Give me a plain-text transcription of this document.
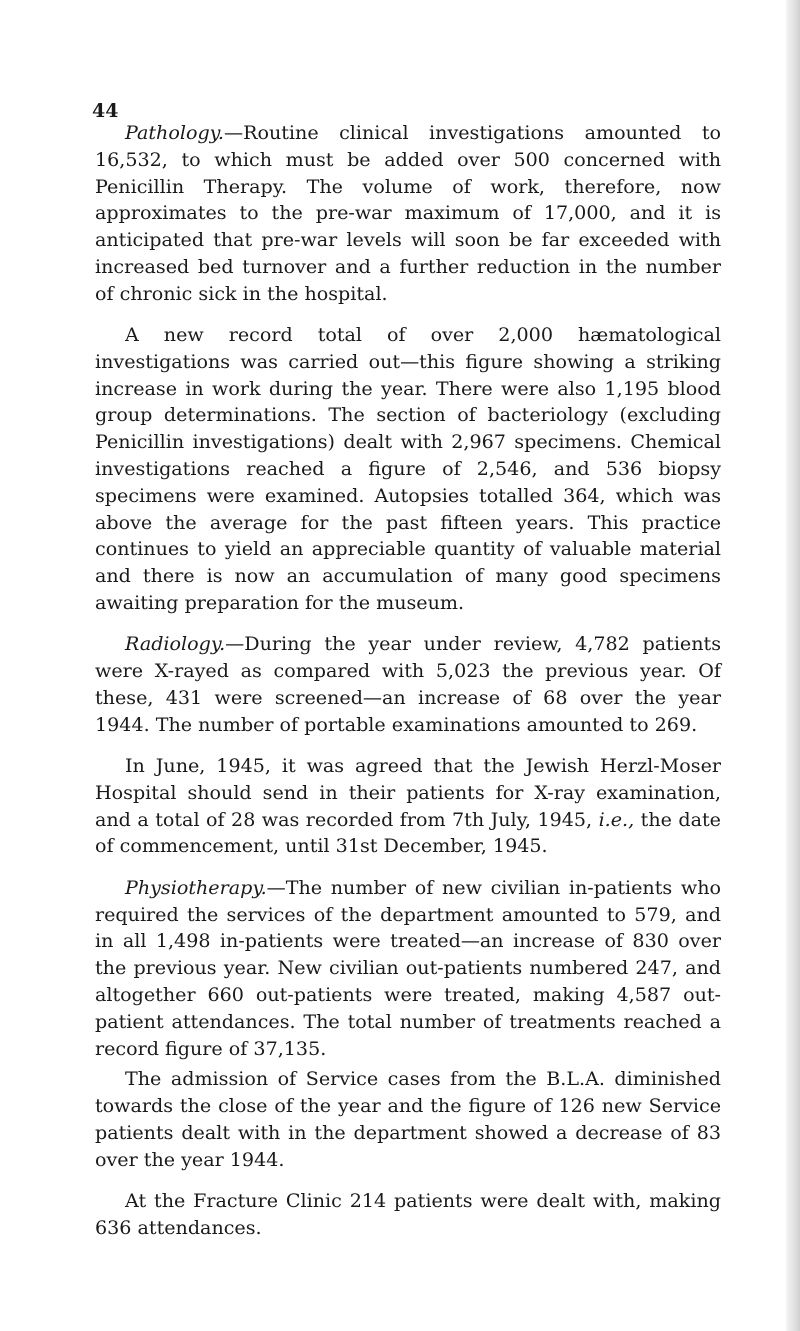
44

Pathology.—Routine clinical investigations amounted to 16,532, to which must be added over 500 concerned with Penicillin Therapy. The volume of work, therefore, now approximates to the pre-war maximum of 17,000, and it is anticipated that pre-war levels will soon be far exceeded with increased bed turnover and a further reduction in the number of chronic sick in the hospital.

A new record total of over 2,000 hæmatological investigations was carried out—this figure showing a striking increase in work during the year. There were also 1,195 blood group determinations. The section of bacteriology (excluding Penicillin investigations) dealt with 2,967 specimens. Chemical investigations reached a figure of 2,546, and 536 biopsy specimens were examined. Autopsies totalled 364, which was above the average for the past fifteen years. This practice continues to yield an appreciable quantity of valuable material and there is now an accumulation of many good specimens awaiting preparation for the museum.

Radiology.—During the year under review, 4,782 patients were X-rayed as compared with 5,023 the previous year. Of these, 431 were screened—an increase of 68 over the year 1944. The number of portable examinations amounted to 269.

In June, 1945, it was agreed that the Jewish Herzl-Moser Hospital should send in their patients for X-ray examination, and a total of 28 was recorded from 7th July, 1945, i.e., the date of commencement, until 31st December, 1945.

Physiotherapy.—The number of new civilian in-patients who required the services of the department amounted to 579, and in all 1,498 in-patients were treated—an increase of 830 over the previous year. New civilian out-patients numbered 247, and altogether 660 out-patients were treated, making 4,587 out-patient attendances. The total number of treatments reached a record figure of 37,135.

The admission of Service cases from the B.L.A. diminished towards the close of the year and the figure of 126 new Service patients dealt with in the department showed a decrease of 83 over the year 1944.

At the Fracture Clinic 214 patients were dealt with, making 636 attendances.
